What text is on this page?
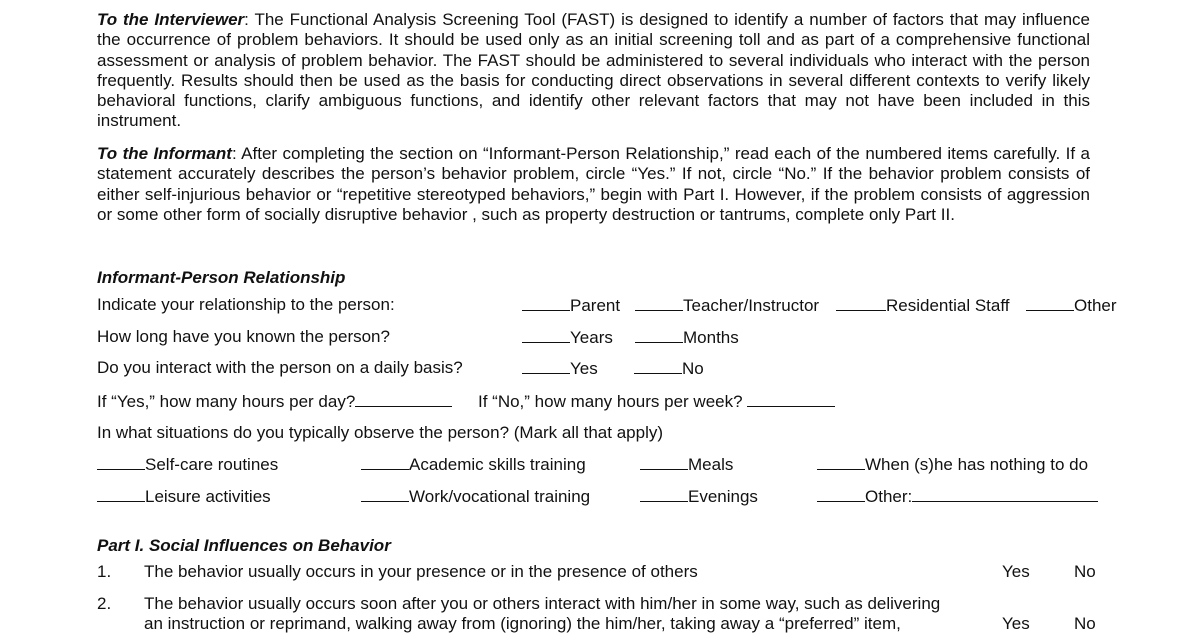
To the Interviewer: The Functional Analysis Screening Tool (FAST) is designed to identify a number of factors that may influence the occurrence of problem behaviors. It should be used only as an initial screening toll and as part of a comprehensive functional assessment or analysis of problem behavior. The FAST should be administered to several individuals who interact with the person frequently. Results should then be used as the basis for conducting direct observations in several different contexts to verify likely behavioral functions, clarify ambiguous functions, and identify other relevant factors that may not have been included in this instrument.

To the Informant: After completing the section on “Informant-Person Relationship,” read each of the numbered items carefully. If a statement accurately describes the person’s behavior problem, circle “Yes.” If not, circle “No.” If the behavior problem consists of either self-injurious behavior or “repetitive stereotyped behaviors,” begin with Part I. However, if the problem consists of aggression or some other form of socially disruptive behavior , such as property destruction or tantrums, complete only Part II.

Informant-Person Relationship
Indicate your relationship to the person:	Parent	Teacher/Instructor	Residential Staff	Other
How long have you known the person?	Years	Months
Do you interact with the person on a daily basis?	Yes	No
If “Yes,” how many hours per day?	If “No,” how many hours per week?
In what situations do you typically observe the person? (Mark all that apply)
Self-care routines	Academic skills training	Meals	When (s)he has nothing to do
Leisure activities	Work/vocational training	Evenings	Other:
Part I. Social Influences on Behavior
1. The behavior usually occurs in your presence or in the presence of others	Yes	No
2. The behavior usually occurs soon after you or others interact with him/her in some way, such as delivering
an instruction or reprimand, walking away from (ignoring) the him/her, taking away a “preferred” item,	Yes	No
